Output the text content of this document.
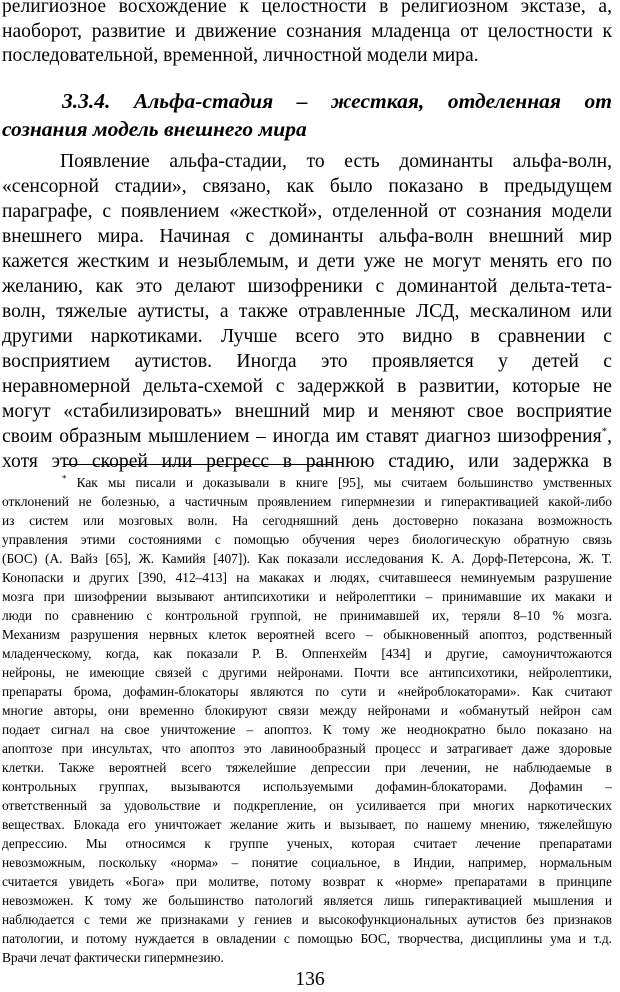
религиозное восхождение к целостности в религиозном экстазе, а,
наоборот, развитие и движение сознания младенца от целостности к
последовательной, временной, личностной модели мира.
3.3.4. Альфа-стадия – жесткая, отделенная от
сознания модель внешнего мира
Появление альфа-стадии, то есть доминанты альфа-волн,
«сенсорной стадии», связано, как было показано в предыдущем
параграфе, с появлением «жесткой», отделенной от сознания модели
внешнего мира. Начиная с доминанты альфа-волн внешний мир
кажется жестким и незыблемым, и дети уже не могут менять его по
желанию, как это делают шизофреники с доминантой дельта-тета-
волн, тяжелые аутисты, а также отравленные ЛСД, мескалином или
другими наркотиками. Лучше всего это видно в сравнении с
восприятием аутистов. Иногда это проявляется у детей с
неравномерной дельта-схемой с задержкой в развитии, которые не
могут «стабилизировать» внешний мир и меняют свое восприятие
своим образным мышлением – иногда им ставят диагноз шизофрения*,
хотя это скорей или регресс в раннюю стадию, или задержка в
* Как мы писали и доказывали в книге [95], мы считаем большинство умственных
отклонений не болезнью, а частичным проявлением гипермнезии и гиперактивацией какой-либо
из систем или мозговых волн. На сегодняшний день достоверно показана возможность
управления этими состояниями с помощью обучения через биологическую обратную связь
(БОС) (А. Вайз [65], Ж. Камийя [407]). Как показали исследования К. А. Дорф-Петерсона, Ж. Т.
Конопаски и других [390, 412–413] на макаках и людях, считавшееся неминуемым разрушение
мозга при шизофрении вызывают антипсихотики и нейролептики – принимавшие их макаки и
люди по сравнению с контрольной группой, не принимавшей их, теряли 8–10 % мозга.
Механизм разрушения нервных клеток вероятней всего – обыкновенный апоптоз, родственный
младенческому, когда, как показали Р. В. Оппенхейм [434] и другие, самоуничтожаются
нейроны, не имеющие связей с другими нейронами. Почти все антипсихотики, нейролептики,
препараты брома, дофамин-блокаторы являются по сути и «нейроблокаторами». Как считают
многие авторы, они временно блокируют связи между нейронами и «обманутый нейрон сам
подает сигнал на свое уничтожение – апоптоз. К тому же неоднократно было показано на
апоптозе при инсультах, что апоптоз это лавинообразный процесс и затрагивает даже здоровые
клетки. Также вероятней всего тяжелейшие депрессии при лечении, не наблюдаемые в
контрольных группах, вызываются используемыми дофамин-блокаторами. Дофамин –
ответственный за удовольствие и подкрепление, он усиливается при многих наркотических
веществах. Блокада его уничтожает желание жить и вызывает, по нашему мнению, тяжелейшую
депрессию. Мы относимся к группе ученых, которая считает лечение препаратами
невозможным, поскольку «норма» – понятие социальное, в Индии, например, нормальным
считается увидеть «Бога» при молитве, потому возврат к «норме» препаратами в принципе
невозможен. К тому же большинство патологий является лишь гиперактивацией мышления и
наблюдается с теми же признаками у гениев и высокофункциональных аутистов без признаков
патологии, и потому нуждается в овладении с помощью БОС, творчества, дисциплины ума и т.д.
Врачи лечат фактически гипермнезию.
136
